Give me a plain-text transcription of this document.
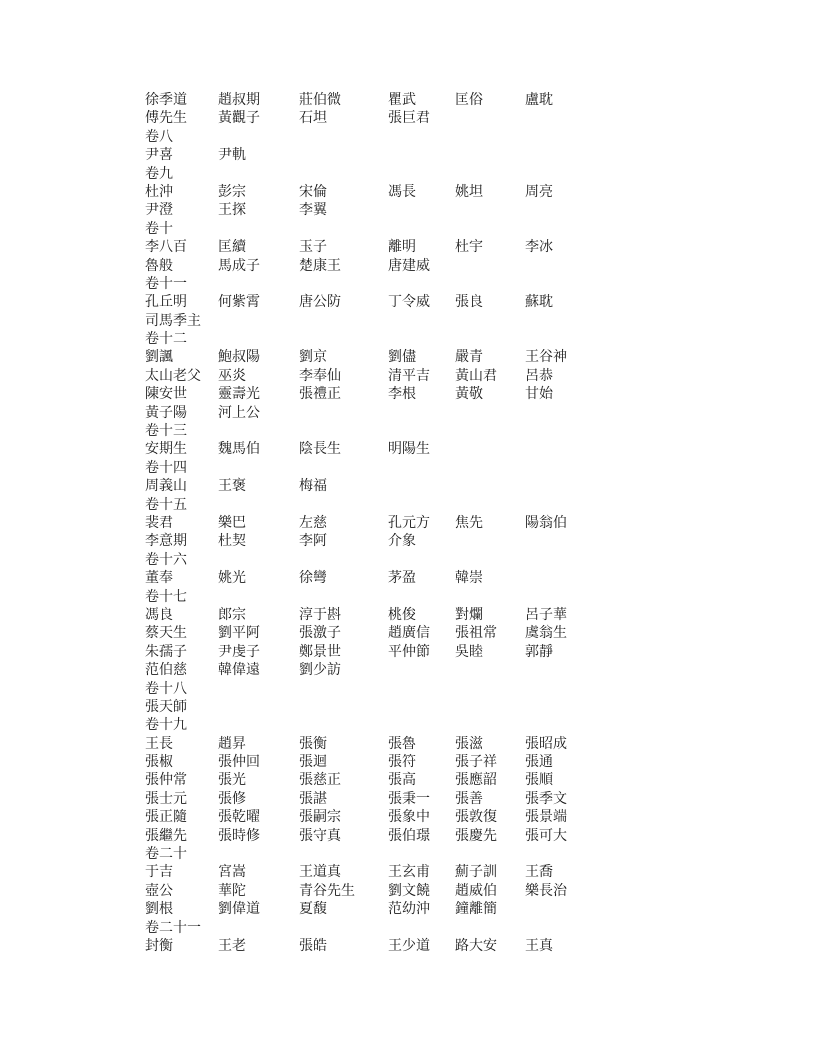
徐季道 趙叔期	莊伯微	瞿武	匡俗	盧耽
傅先生 黃觀子	石坦	張巨君
卷八
尹喜	尹軌
卷九
杜沖	彭宗	宋倫	馮長	姚坦	周亮
尹澄	王探	李翼
卷十
李八百 匡續	玉子	離明	杜宇	李冰
魯般	馬成子	楚康王	唐建威
卷十一
孔丘明 何紫霄	唐公防	丁令威 張良	蘇耽
司馬季主
卷十二
劉諷	鮑叔陽	劉京	劉儘	嚴青	王谷神
太山老父 巫炎	李奉仙	清平吉 黃山君 呂恭
陳安世 靈壽光	張禮正	李根	黃敬	甘始
黃子陽 河上公
卷十三
安期生 魏馬伯	陰長生	明陽生
卷十四
周義山 王褒	梅福
卷十五
裴君	樂巴	左慈	孔元方 焦先	陽翁伯
李意期 杜契	李阿	介象
卷十六
董奉	姚光	徐彎	茅盈	韓崇
卷十七
馮良	郎宗	淳于斟	桃俊	對爛	呂子華
蔡天生 劉平阿	張激子	趙廣信 張祖常 虞翁生
朱孺子 尹虔子	鄭景世	平仲節 吳睦	郭靜
范伯慈 韓偉遠	劉少訪
卷十八
張天師
卷十九
王長	趙昇	張衡	張魯	張滋	張昭成
張椒	張仲回	張迴	張符	張子祥 張通
張仲常 張光	張慈正	張高	張應韶 張順
張士元 張修	張諶	張秉一 張善	張季文
張正隨 張乾曜	張嗣宗	張象中 張敦復 張景端
張繼先 張時修	張守真	張伯璟 張慶先 張可大
卷二十
于吉	宮嵩	王道真	王玄甫 薊子訓 王喬
壺公	華陀	青谷先生 劉文饒 趙威伯 樂長治
劉根	劉偉道	夏馥	范幼沖 鐘離簡
卷二十一
封衡	王老	張皓	王少道 路大安 王真
